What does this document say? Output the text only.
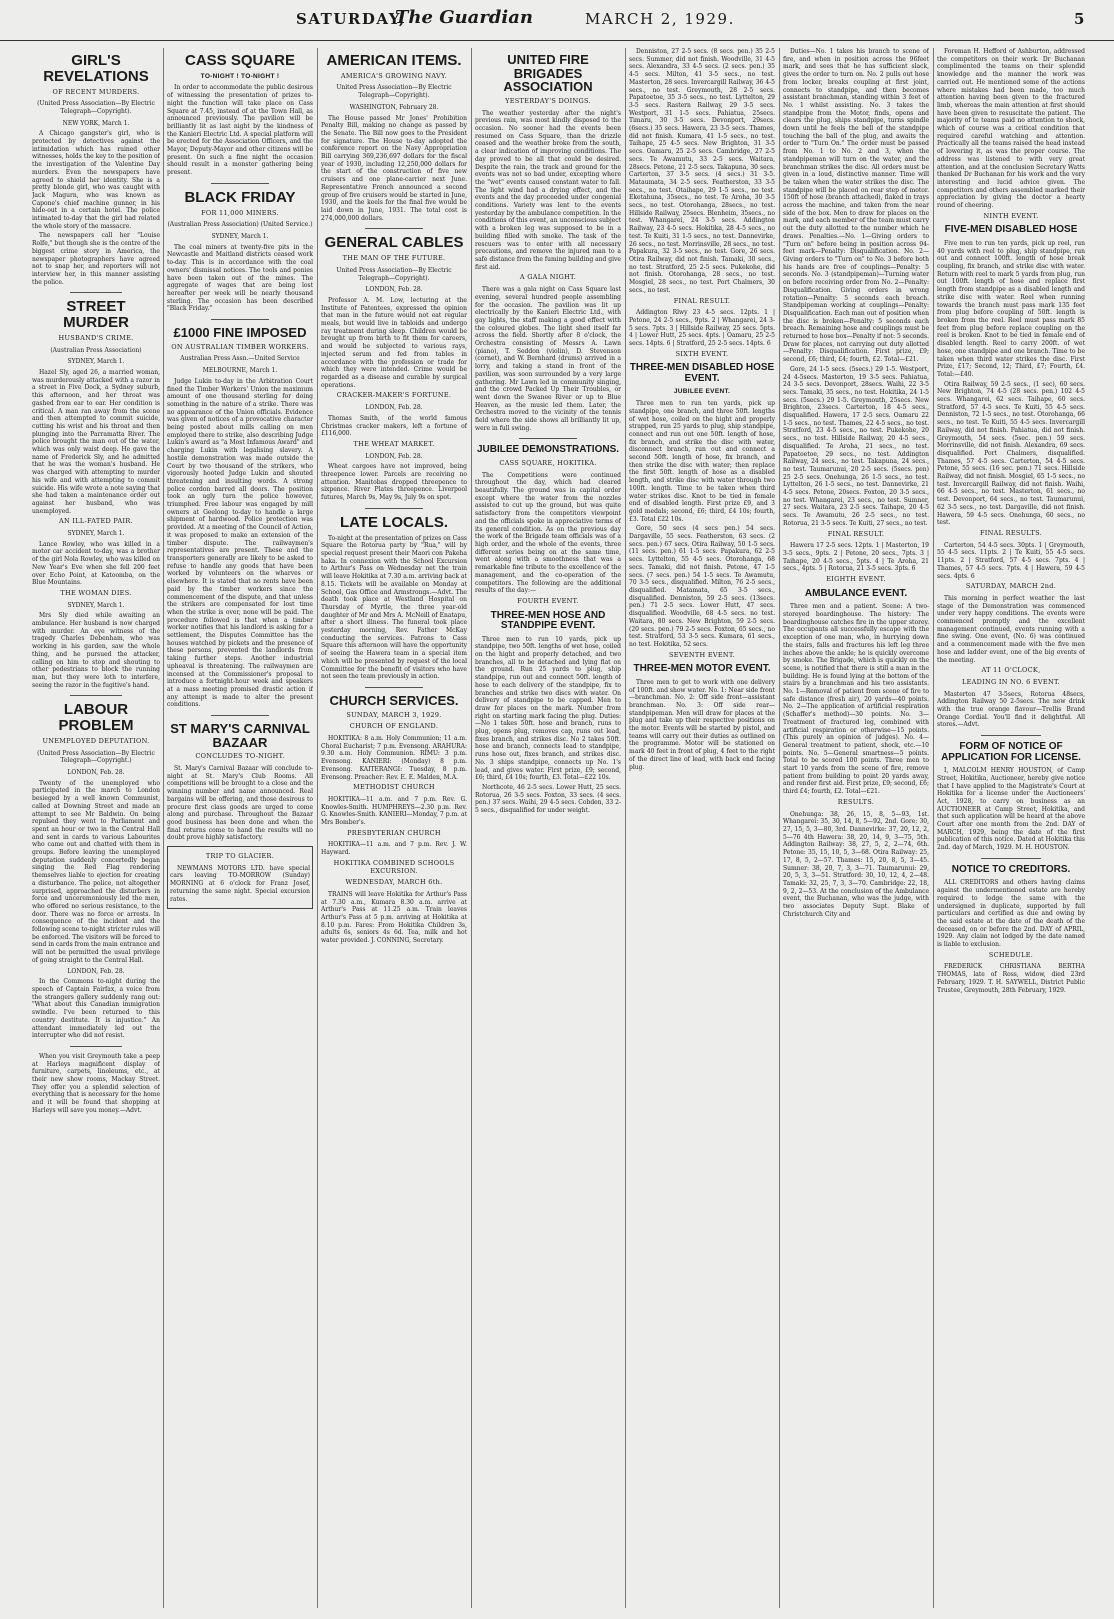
SATURDAY,
The Guardian	MARCH 2, 1929.	5
GIRL'S REVELATIONS
OF RECENT MURDERS.
(United Press Association—By Electric Telegraph—Copyright).
NEW YORK, March 1.

A Chicago gangster's girl, who is protected by detectives against the intimidation which has ruined other witnesses, holds the key to the position of the investigation of the Valentine Day murders. Even the newspapers have agreed to shield her identity. She is a pretty blonde girl, who was caught with Jack Magurn, who was known as Capone's chief machine gunner, in his hide-out in a certain hotel. The police intimated to-day that the girl had related the whole story of the massacre.

The newspapers call her "Louise Rolfe," but though she is the centre of the biggest crime story in America, the newspaper photographers have agreed not to snap her, and reporters will not interview her, in this manner assisting the police.

STREET MURDER
HUSBAND'S CRIME.
(Australian Press Association)
SYDNEY, March 1.

Hazel Sly, aged 26, a married woman, was murderously attacked with a razor in a street in Five Dock, a Sydney suburb, this afternoon, and her throat was gashed from ear to ear. Her condition is critical. A man ran away from the scene and then attempted to commit suicide, cutting his wrist and his throat and then plunging into the Parramatta River. The police brought the man out of the water, which was only waist deep. He gave the name of Frederick Sly, and he admitted that he was the woman's husband. He was charged with attempting to murder his wife and with attempting to commit suicide. His wife wrote a note saying that she had taken a maintenance order out against her husband, who was unemployed.

AN ILL-FATED PAIR.
SYDNEY, March 1.

Lance Rowley, who was killed in a motor car accident to-day, was a brother of the girl Nola Rowley, who was killed on New Year's Eve when she fell 200 feet over Echo Point, at Katoomba, on the Blue Mountains.

THE WOMAN DIES.
SYDNEY, March 1.

Mrs Sly died while awaiting an ambulance. Her husband is now charged with murder. An eye witness of the tragedy Charles Debenham, who was working in his garden, saw the whole thing, and he pursued the attacker, calling on him to stop and shouting to other pedestrians to block the running man, but they were loth to interfere, seeing the razor in the fugitive's hand.

LABOUR PROBLEM
UNEMPLOYED DEPUTATION.
(United Press Association—By Electric Telegraph—Copyright.)
LONDON, Feb. 28.

Twenty of the unemployed who participated in the march to London besieged by a well known Communist, called at Downing Street and made an attempt to see Mr Baldwin. On being repulsed they went to Parliament and spent an hour or two in the Central Hall and sent in cards to various Labourites who came out and chatted with them in groups. Before leaving the unemployed deputation suddenly concertedly began singing the Red Flag rendering themselves liable to ejection for creating a disturbance. The police, not altogether surprised, approached the disturbers in force and unceremoniously led the men, who offered no serious resistance, to the door. There was no force or arrests. In consequence of the incident and the following scene to-night stricter rules will be enforced. The visitors will be forced to send in cards from the main entrance and will not be permitted the usual privilege of going straight to the Central Hall.

LONDON, Feb. 28.

In the Commons to-night during the speech of Captain Fairfax, a voice from the strangers gallery suddenly rang out: "What about this Canadian immigration swindle. I've been returned to this country destitute. It is injustice." An attendant immediately led out the interrupter who did not resist.

When you visit Greymouth take a peep at Harleys magnificent display of furniture, carpets, linoleums, etc., at their new show rooms, Mackay Street. They offer you a splendid selection of everything that is necessary for the home and it will be found that shopping at Harleys will save you money.—Advt.

CASS SQUARE
TO-NIGHT ! TO-NIGHT !

In order to accommodate the public desirous of witnessing the presentation of prizes to-night the function will take place on Cass Square at 7.45, instead of at the Town Hall, as announced previously. The pavilion will be brilliantly lit as last night by the kindness of the Kanieri Electric Ltd. A special platform will be erected for the Association Officers, and the Mayor, Deputy-Mayor and other citizens will be present. On such a fine night the occasion should result in a monster gathering being present.

BLACK FRIDAY
FOR 11,000 MINERS.
(Australian Press Association) (United Service.)
SYDNEY, March 1.

The coal miners at twenty-five pits in the Newcastle and Maitland districts ceased work to-day. This is in accordance with the coal owners' dismissal notices. The tools and ponies have been taken out of the mines. The aggregate of wages that are being lost hereafter per week will be nearly thousand sterling. The occasion has been described "Black Friday."

£1000 FINE IMPOSED
ON AUSTRALIAN TIMBER WORKERS.
Australian Press Assn.—United Service
MELBOURNE, March 1.

Judge Lukin to-day in the Arbitration Court fined the Timber Workers' Union the maximum amount of one thousand sterling for doing something in the nature of a strike. There was no appearance of the Union officials. Evidence was given of notices of a provocative character being posted about mills calling on men employed there to strike, also describing Judge Lukin's award as "a Most Infamous Award" and charging Lukin with legalising slavery. A hostile demonstration was made outside the Court by two thousand of the strikers, who vigorously hooted Judge Lukin and shouted threatening and insulting words. A strong police cordon barred all doors. The position took an ugly turn the police however, triumphed. Free labour was engaged by mill owners at Geelong to-day to handle a large shipment of hardwood. Police protection was provided. At a meeting of the Council of Action, it was proposed to make an extension of the timber dispute. The railwaymen's representatives are present. These and the transporters generally are likely to be asked to refuse to handle any goods that have been worked by volunteers on the wharves or elsewhere. It is stated that no rents have been paid by the timber workers since the commencement of the dispute, and that unless the strikers are compensated for lost time when the strike is over, none will be paid. The procedure followed is that when a timber worker notifies that his landlord is asking for a settlement, the Disputes Committee has the houses watched by pickets and the presence of these persons, prevented the landlords from taking further steps. Another industrial upheaval is threatening. The railwaymen are incensed at the Commissioner's proposal to introduce a fortnight-hour week and speakers at a mass meeting promised drastic action if any attempt is made to alter the present conditions.

ST MARY'S CARNIVAL BAZAAR
CONCLUDES TO-NIGHT.

St. Mary's Carnival Bazaar will conclude to-night at St. Mary's Club Rooms. All competitions will be brought to a close and the winning number and name announced. Real bargains will be offering, and those desirous to procure first class goods are urged to come along and purchase. Throughout the Bazaar good business has been done and when the final returns come to hand the results will no doubt prove highly satisfactory.

TRIP TO GLACIER.

NEWMANS MOTORS LTD. have special cars leaving TO-MORROW (Sunday) MORNING at 6 o'clock for Franz Josef, returning the same night. Special excursion rates.

AMERICAN ITEMS.
AMERICA'S GROWING NAVY.
United Press Association—By Electric Telegraph—Copyright).
WASHINGTON, February 28.

The House passed Mr Jones' Prohibition Penalty Bill, making no change as passed by the Senate. The Bill now goes to the President for signature. The House to-day adopted the conference report on the Navy Appropriation Bill carrying 369,236,697 dollars for the fiscal year of 1930, including 12,250,000 dollars for the start of the construction of five new cruisers and one plane-carrier next June. Representative French announced a second group of five cruisers would be started in June, 1930, and the keels for the final five would be laid down in June, 1931. The total cost is 274,000,000 dollars.

GENERAL CABLES
THE MAN OF THE FUTURE.
United Press Association—By Electric Telegraph—Copyright).
LONDON, Feb. 28.

Professor A. M. Low, lecturing at the Institute of Patentees, expressed the opinion that man in the future would not eat regular meals, but would live in tabloids and undergo ray treatment during sleep. Children would be brought up from birth to fit them for careers, and would be subjected to various rays, injected serum and fed from tables in accordance with the profession or trade for which they were intended. Crime would be regarded as a disease and curable by surgical operations.

CRACKER-MAKER'S FORTUNE.
LONDON, Feb. 28.

Thomas Smith, of the world famous Christmas cracker makers, left a fortune of £116,000.

THE WHEAT MARKET.
LONDON, Feb. 28.

Wheat cargoes have not improved, being threepence lower. Parcels are receiving no attention. Manitobas dropped threepence to sixpence. River Plates threepence. Liverpool futures, March 9s, May 9s, July 9s on spot.

LATE LOCALS.

To-night at the presentation of prizes on Cass Square the Rotorua party by "Rua," will by special request present their Maori con Pakeha haka. In connexion with the School Excursion to Arthur's Pass on Wednesday net the train will leave Hokitika at 7.30 a.m. arriving back at 8.15. Tickets will be available on Monday at School, Gas Office and Armstrongs.—Advt. The death took place at Westland Hospital on Thursday of Myrtle, the three year-old daughter of Mr and Mrs A. McNeill of Enatapu, after a short illness. The funeral took place yesterday morning, Rev. Father McKay conducting the services. Patrons to Cass Square this afternoon will have the opportunity of seeing the Hawera team in a special item which will be presented by request of the local Committee for the benefit of visitors who have not seen the team previously in action.

CHURCH SERVICES.
SUNDAY, MARCH 3, 1929.
CHURCH OF ENGLAND.

HOKITIKA: 8 a.m. Holy Communion; 11 a.m. Choral Eucharist; 7 p.m. Evensong. ARAHURA: 9.30 a.m. Holy Communion. RIMU: 3 p.m. Evensong. KANIERI: (Monday) 8 p.m. Evensong. KAITERANGI: Tuesday, 8 p.m. Evensong. Preacher: Rev. E. E. Malden, M.A.

METHODIST CHURCH

HOKITIKA—11 a.m. and 7 p.m. Rev. G. Knowles-Smith. HUMPHREYS—2.30 p.m. Rev. G. Knowles-Smith. KANIERI—Monday, 7 p.m. at Mrs Bomber's.

PRESBYTERIAN CHURCH

HOKITIKA—11 a.m. and 7 p.m. Rev. J. W. Hayward.

HOKITIKA COMBINED SCHOOLS EXCURSION.
WEDNESDAY, MARCH 6th.

TRAINS will leave Hokitika for Arthur's Pass at 7.30 a.m., Kumara 8.30 a.m. arrive at Arthur's Pass at 11.25 a.m. Train leaves Arthur's Pass at 5 p.m. arriving at Hokitika at 8.10 p.m. Fares: From Hokitika Children 3s, adults 6s, seniors 4s 6d. Tea, milk and hot water provided. J. CONNING, Secretary.

UNITED FIRE BRIGADES ASSOCIATION
YESTERDAY'S DOINGS.

The weather yesterday after the night's previous rain, was most kindly disposed to the occasion. No sooner had the events been resumed on Cass Square, than the drizzle ceased and the weather broke from the south, a clear indication of improving conditions. The day proved to be all that could be desired. Despite the rain, the track and ground for the events was not so bad under, excepting where the "wet" events caused constant water to fall. The light wind had a drying effect, and the events and the day proceeded under congenial conditions. Variety was lent to the events yesterday by the ambulance competition. In the conditions of this event, an unconscious subject with a broken leg was supposed to be in a building filled with smoke. The task of the rescuers was to enter with all necessary precautions, and remove the injured man to a safe distance from the fuming building and give first aid.

A GALA NIGHT.

There was a gala night on Cass Square last evening, several hundred people assembling for the occasion. The pavilion was lit up electrically by the Kanieri Electric Ltd., with gay lights, the staff making a good effect with the coloured globes. The light shed itself far across the field. Shortly after 8 o'clock, the Orchestra consisting of Messrs A. Lawn (piano), T. Seddon (violin), D. Stevenson (cornet), and W. Bernhard (drums) arrived in a lorry, and taking a stand in front of the pavilion, was soon surrounded by a very large gathering. Mr Lawn led in community singing, and the crowd Packed Up Their Troubles, or went down the Swanee River or up to Blue Heaven, as the music led them. Later, the Orchestra moved to the vicinity of the tennis field where the side shows all brilliantly lit up, were in full swing.

JUBILEE DEMONSTRATIONS.
CASS SQUARE, HOKITIKA.

The Competitions were continued throughout the day, which had cleared beautifully. The ground was in capital order except where the water from the nozzles assisted to cut up the ground, but was quite satisfactory from the competitors viewpoint and the officials spoke in appreciative terms of its general condition. As on the previous day the work of the Brigade team officials was of a high order, and the whole of the events, three different series being on at the same time, went along with a smoothness that was a remarkable fine tribute to the excellence of the management, and the co-operation of the competitors. The following are the additional results of the day:—

FOURTH EVENT.
THREE-MEN HOSE AND STANDPIPE EVENT.

Three men to run 10 yards, pick up standpipe, two 50ft. lengths of wet hose, coiled on the hight and properly detached, and two branches, all to be detached and lying flat on the ground. Run 25 yards to plug, ship standpipe, run out and connect 50ft. length of hose to each delivery of the standpipe, fix to branches and strike two discs with water. On delivery of standpipe to be capped. Men to draw for places on the mark. Number from right on starting mark facing the plug. Duties:—No 1 takes 50ft. hose and branch, runs to plug, opens plug, removes cap, runs out lead, fixes branch, and strikes disc. No 2 takes 50ft. hose and branch, connects lead to standpipe, runs hose out, fixes branch, and strikes disc. No. 3 ships standpipe, connects up No. 1's lead, and gives water. First prize, £9; second, £6; third, £4 10s; fourth, £3. Total—£22 10s.

Northcote, 46 2-5 secs. Lower Hutt, 25 secs. Rotorua, 26 3-5 secs. Foxton, 33 secs. (4 secs. pen.) 37 secs. Waihi, 29 4-5 secs. Cobden, 33 2-5 secs., disqualified for under weight.

Denniston, 27 2-5 secs. (8 secs. pen.) 35 2-5 secs. Summer, did not finish. Woodville, 31 4-5 secs. Alexandra, 33 4-5 secs. (2 secs. pen.) 35 4-5 secs. Milton, 41 3-5 secs., no test. Masterton, 28 secs. Invercargill Railway, 36 4-5 secs., no test. Greymouth, 28 2-5 secs. Papatoetoe, 35 3-5 secs., no test. Lyttelton, 29 3-5 secs. Rastern Railway, 29 3-5 secs. Westport, 31 1-5 secs. Pahiatua, 25secs. Timaru, 30 3-5 secs. Devonport, 29secs. (6secs.) 35 secs. Hawera, 23 3-5 secs. Thames, did not finish. Kumara, 41 1-5 secs., no test. Taihape, 25 4-5 secs. New Brighton, 31 3-5 secs. Oamaru, 25 2-5 secs. Cambridge, 27 2-5 secs. Te Awamutu, 33 2-5 secs. Waitara, 28secs. Petone, 21 2-5 secs. Takapuna, 30 secs. Carterton, 37 3-5 secs. (4 secs.) 31 3-5. Mataumata, 34 2-5 secs. Featherston, 33 3-5 secs., no test. Otaihape, 29 1-5 secs., no test. Eketahuna, 35secs., no test. Te Aroha, 30 3-5 secs., no test. Otorohanga, 28secs., no test. Hillside Railway, 25secs. Blenheim, 35secs., no test. Whangarei, 24 3-5 secs. Addington Railway, 23 4-5 secs. Hokitika, 28 4-5 secs., no test. Te Kuiti, 31 1-5 secs., no test. Dannevirke, 26 secs., no test. Morrinsville, 28 secs., no test. Papakura, 32 3-5 secs., no test. Gore, 26 secs. Otira Railway, did not finish. Tamaki, 30 secs., no test. Stratford, 25 2-5 secs. Pukekohe, did not finish. Otorohanga, 28 secs., no test. Mosgiel, 28 secs., no test. Port Chalmers, 30 secs., no test.

FINAL RESULT.

Addington Rlwy 23 4-5 secs. 12pts. 1 | Petone, 24 2-5 secs., 9pts. 2 | Whangarei, 24 3-5 secs. 7pts. 3 | Hillside Railway, 25 secs. 5pts. 4 | Lower Hutt, 25 secs. 4pts. | Oamaru, 25 2-5 secs. 14pts. 6 | Stratford, 25 2-5 secs. 14pts. 6

SIXTH EVENT.
THREE-MEN DISABLED HOSE EVENT.
JUBILEE EVENT.

Three men to run ten yards, pick up standpipe, one branch, and three 50ft. lengths of wet hose, coiled on the hight and properly strapped, run 25 yards to plug, ship standpipe, connect and run out one 50ft. length of hose, fix branch, and strike the disc with water, disconnect branch, run out and connect a second 50ft. length of hose, fix branch, and then strike the disc with water; then replace the first 50ft. length of hose as a disabled length, and strike disc with water through two 100ft. length. Time to be taken when third water strikes disc. Knot to be tied in female end of disabled length. First prize £9, and 3 gold medals; second, £6; third, £4 10s; fourth, £3. Total £22 10s.

Gore, 50 secs (4 secs pen.) 54 secs. Dargaville, 55 secs. Featherston, 63 secs. (2 secs. pen.) 67 secs. Otira Railway, 50 1-5 secs. (11 secs. pen.) 61 1-5 secs. Papakura, 62 2-5 secs. Lyttelton, 55 4-5 secs. Otorohanga, 68 secs. Tamaki, did not finish. Petone, 47 1-5 secs. (7 secs. pen.) 54 1-5 secs. Te Awamutu, 70 3-5 secs., disqualified. Milton, 76 2-5 secs., disqualified. Matamata, 65 3-5 secs., disqualified. Denniston, 59 2-5 secs. (13secs. pen.) 71 2-5 secs. Lower Hutt, 47 secs. disqualified. Woodville, 68 4-5 secs. no test. Waitara, 80 secs. New Brighton, 59 2-5 secs. (20 secs. pen.) 79 2-5 secs. Foxton, 65 secs., no test. Stratford, 53 3-5 secs. Kumara, 61 secs., no test. Hokitika, 52 secs.

SEVENTH EVENT.
THREE-MEN MOTOR EVENT.

Three men to get to work with one delivery of 100ft. and show water. No. 1: Near side front—branchman. No. 2: Off side front—assistant branchman. No. 3: Off side rear—standpipeman. Men will draw for places at the plug and take up their respective positions on the motor. Events will be started by pistol, and teams will carry out their duties as outlined on the programme. Motor will be stationed on mark 40 feet in front of plug, 4 feet to the right of the direct line of lead, with back end facing plug.

Duties—No. 1 takes his branch to scene of fire, and when in position across the 96feet mark, and sees that he has sufficient slack, gives the order to turn on. No. 2 pulls out hose from locker, breaks coupling at first joint, connects to standpipe, and then becomes assistant branchman, standing within 3 feet of No. 1 whilst assisting. No. 3 takes the standpipe from the Motor, finds, opens and clears the plug, ships standpipe, turns spindle down until he feels the bell of the standpipe touching the ball of the plug, and awaits the order to "Turn On." The order must be passed from No. 1 to No. 2 and 3, when the standpipeman will turn on the water, and the branchman strikes the disc. All orders must be given in a loud, distinctive manner. Time will be taken when the water strikes the disc. The standpipe will be placed on rear step of motor. 150ft of hose (branch attached), flaked in trays across the machine, and taken from the near side of the box. Men to draw for places on the mark, and each member of the team must carry out the duty allotted to the number which he draws. Penalties.—No. 1—Giving orders to "Turn on" before being in position across 94-feet mark—Penalty: Disqualification. No. 2—Giving orders to "Turn on" to No. 3 before both his hands are free of couplings—Penalty: 5 seconds. No. 3 (standpipeman)—Turning water on before receiving order from No. 2—Penalty: Disqualification. Giving orders in wrong rotation—Penalty: 5 seconds each breach. Standpipeman working at couplings—Penalty: Disqualification. Each man out of position when the disc is broken—Penalty: 5 seconds each breach. Remaining hose and couplings must be returned to hose box—Penalty if not: 5 seconds. Draw for places, not carrying out duty allotted—Penalty: Disqualification. First prize, £9; second, £6; third, £4; fourth, £2. Total—£21.

Gore, 24 1-5 secs. (5secs.) 29 1-5. Westport, 24 4-5secs. Masterton, 19 3-5 secs. Pahiatua, 24 3-5 secs. Devonport, 28secs. Waihi, 22 3-5 secs. Tamaki, 35 secs., no test. Hokitika, 24 1-5 secs. (5secs.) 29 1-5. Greymouth, 25secs. New Brighton, 23secs. Carterton, 18 4-5 secs., disqualified. Hawera, 17 2-5 secs. Oamaru 22 1-5 secs., no test. Thames, 22 4-5 secs., no test. Stratford, 23 4-5 secs., no test. Pukekohe, 20 secs., no test. Hillside Railway, 20 4-5 secs., disqualified. Te Aroha, 21 secs., no test. Papatoetoe, 29 secs., no test. Addington Railway, 24 secs., no test. Takapuna, 24 secs., no test. Taumarunui, 20 2-5 secs. (5secs. pen) 25 2-5 secs. Onehunga, 26 1-5 secs., no test. Lyttelton, 26 1-5 secs., no test. Dannevirke, 21 4-5 secs. Petone, 20secs. Foxton, 20 3-5 secs., no test. Whangarei, 23 secs., no test. Sumner, 27 secs. Waitara, 23 2-5 secs. Taihape, 20 4-5 secs. Te Awamutu, 26 2-5 secs., no test. Rotorua, 21 3-5 secs. Te Kuiti, 27 secs., no test.

FINAL RESULT.

Hawera 17 2-5 secs. 12pts. 1 | Masterton, 19 3-5 secs., 9pts. 2 | Petone, 20 secs., 7pts. 3 | Taihape, 20 4-5 secs., 5pts. 4 | Te Aroha, 21 secs., 4pts. 5 | Rotorua, 21 3-5 secs. 3pts. 6

EIGHTH EVENT.
AMBULANCE EVENT.

Three men and a patient. Scene: A two-storeyed boardinghouse. The history: The boardinghouse catches fire in the upper storey. The occupants all successfully escape with the exception of one man, who, in hurrying down the stairs, falls and fractures his left leg three inches above the ankle; he is quickly overcome by smoke. The Brigade, which is quickly on the scene, is notified that there is still a man in the building. He is found lying at the bottom of the stairs by a branchman and his two assistants. No. 1—Removal of patient from scene of fire to safe distance (fresh air), 20 yards—40 points. No. 2—The application of artificial respiration (Schaffer's method)—30 points. No. 3—Treatment of fractured leg, combined with artificial respiration or otherwise—15 points. (This purely an opinion of judges). No. 4—General treatment to patient, shock, etc.—10 points. No. 5—General smartness—5 points. Total to be scored 100 points. Three men to start 10 yards from the scene of fire, remove patient from building to point 20 yards away, and render first aid. First prize, £9; second, £6; third £4; fourth, £2. Total—£21.

RESULTS.

Onehunga: 38, 26, 15, 8, 5—93, 1st. Whangarei: 35, 30, 14, 8, 5—92, 2nd. Gore: 30, 27, 15, 5, 3—80, 3rd. Dannevirke: 37, 20, 12, 2, 5—76 4th Hawera: 38, 20, 14, 9, 3—75, 5th. Addington Railway: 38, 27, 5, 2, 2—74, 6th. Petone: 35, 15, 10, 5, 3—68. Otira Railway: 25, 17, 8, 5, 2—57. Thames: 15, 20, 8, 5, 3—45. Sumner: 38, 20, 7, 3, 3—71. Taumarunui: 29, 20, 5, 3, 3—51. Stratford: 30, 10, 12, 4, 2—48. Tamaki: 32, 25, 7, 3, 3—70. Cambridge: 22, 18, 9, 2, 2—53. At the conclusion of the Ambulance event, the Buchanan, who was the judge, with two associates Deputy Supt. Blake of Christchurch City and

Foreman H. Hefford of Ashburton, addressed the competitors on their work. Dr Buchanan complimented the teams on their splendid knowledge and the manner the work was carried out. He mentioned some of the actions where mistakes had been made, too much attention having been given to the fractured limb, whereas the main attention at first should have been given to resuscitate the patient. The majority of te teams paid no attention to shock, which of course was a critical condition that required careful watching and attention. Practically all the teams raised the head instead of lowering it, as was the proper course. The address was listened to with very great attention, and at the conclusion Secretary Watts thanked Dr Buchanan for his work and the very interesting and lucid advice given. The competitors and others assembled marked their appreciation by giving the doctor a hearty round of cheering.

NINTH EVENT.
FIVE-MEN DISABLED HOSE

Five men to run ten yards, pick up reel, run 40 yards with reel to plug, ship standpipe, run out and connect 100ft. length of hose break coupling, fix branch, and strike disc with water. Return with reel to mark 5 yards from plug, run out 100ft. length of hose and replace first length from standpipe as a disabled length and strike disc with water. Reel when running towards the branch must pass mark 135 feet from plug before coupling of 50ft. length is broken from the reel. Reel must pass mark 85 feet from plug before replace coupling on the reel is broken. Knot to be tied in female end of disabled length. Reel to carry 200ft. of wet hose, one standpipe and one branch. Time to be taken when third water strikes the disc. First Prize, £17; Second, 12; Third, £7; Fourth, £4. Total:—£40.

Otira Railway, 59 2-5 secs., (1 sec), 60 secs. New Brighton, 74 4-5 (28 secs. pen.) 102 4-5 secs. Whangarei, 62 secs. Taihape, 60 secs. Stratford, 57 4-5 secs. Te Kuiti, 55 4-5 secs. Denniston, 72 1-5 secs., no test. Otorohanga, 66 secs., no test. Te Kuiti, 55 4-5 secs. Invercargill Railway, did not finish. Pahiatua, did not finish. Greymouth, 54 secs. (5sec. pen.) 59 secs. Morrinsville, did not finish. Alexandra, 69 secs. disqualified. Port Chalmers, disqualified. Thames, 57 4-5 secs. Carterton, 54 4-5 secs. Petone, 55 secs. (16 sec. pen.) 71 secs. Hillside Railway, did not finish. Mosgiel, 65 1-5 secs., no test. Invercargill Railway, did not finish. Waihi, 66 4-5 secs., no test. Masterton, 61 secs., no test. Devonport, 64 secs., no test. Taumarunui, 62 3-5 secs., no test. Dargaville, did not finish. Hawera, 59 4-5 secs. Onehunga, 60 secs., no test.

FINAL RESULTS.

Carterton, 54 4-5 secs. 30pts. 1 | Greymouth, 55 4-5 secs. 11pts. 2 | Te Kuiti, 55 4-5 secs. 11pts. 2 | Stratford, 57 4-5 secs. 7pts. 4 | Thames, 57 4-5 secs. 7pts. 4 | Hawera, 59 4-5 secs. 4pts. 6

SATURDAY, MARCH 2nd.

This morning in perfect weather the last stage of the Demonstration was commenced under very happy conditions. The events were commenced promptly and the excellent management continued, events running with a fine swing. One event, (No. 6) was continued and a commencement made with the five men hose and ladder event, one of the big events of the meeting.

AT 11 O'CLOCK,
LEADING IN NO. 6 EVENT.

Masterton 47 3-5secs, Rotorua 48secs, Addington Railway 50 2-5secs. The new drink with the true orange flavour—Trellis Brand Orange Cordial. You'll find it delightful. All stores.—Advt.

FORM OF NOTICE OF APPLICATION FOR LICENSE.

I, MALCOLM HENRY HOUSTON, of Camp Street, Hokitika, Auctioneer, hereby give notice that I have applied to the Magistrate's Court at Hokitika for a license under the Auctioneers' Act, 1928, to carry on business as an AUCTIONEER at Camp Street, Hokitika, and that such application will be heard at the above Court after one month from the 2nd. DAY of MARCH, 1929, being the date of the first publication of this notice. Dated at Hokitika this 2nd. day of March, 1929. M. H. HOUSTON.

NOTICE TO CREDITORS.

ALL CREDITORS and others having claims against the undermentioned estate are hereby required to lodge the same with the undersigned in duplicate, supported by full particulars and certified as due and owing by the said estate at the date of the death of the deceased, on or before the 2nd. DAY of APRIL, 1929. Any claim not lodged by the date named is liable to exclusion.

SCHEDULE.

FREDERICK CHRISTIANA BERTHA THOMAS, late of Ross, widow, died 23rd February, 1929. T. H. SAYWELL, District Public Trustee, Greymouth, 28th February, 1929.
